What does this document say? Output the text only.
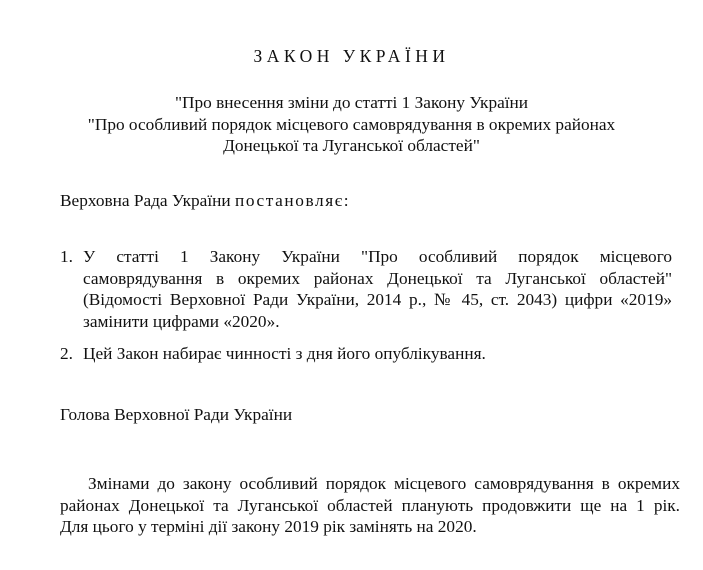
ЗАКОН УКРАЇНИ
"Про внесення зміни до статті 1 Закону України
"Про особливий порядок місцевого самоврядування в окремих районах
Донецької та Луганської областей"
Верховна Рада України постановляє:
1. У статті 1 Закону України "Про особливий порядок місцевого
самоврядування в окремих районах Донецької та Луганської областей"
(Відомості Верховної Ради України, 2014 р., № 45, ст. 2043) цифри «2019»
замінити цифрами «2020».
2. Цей Закон набирає чинності з дня його опублікування.
Голова Верховної Ради України
Змінами до закону особливий порядок місцевого самоврядування в окремих
районах Донецької та Луганської областей планують продовжити ще на 1 рік.
Для цього у терміні дії закону 2019 рік замінять на 2020.
